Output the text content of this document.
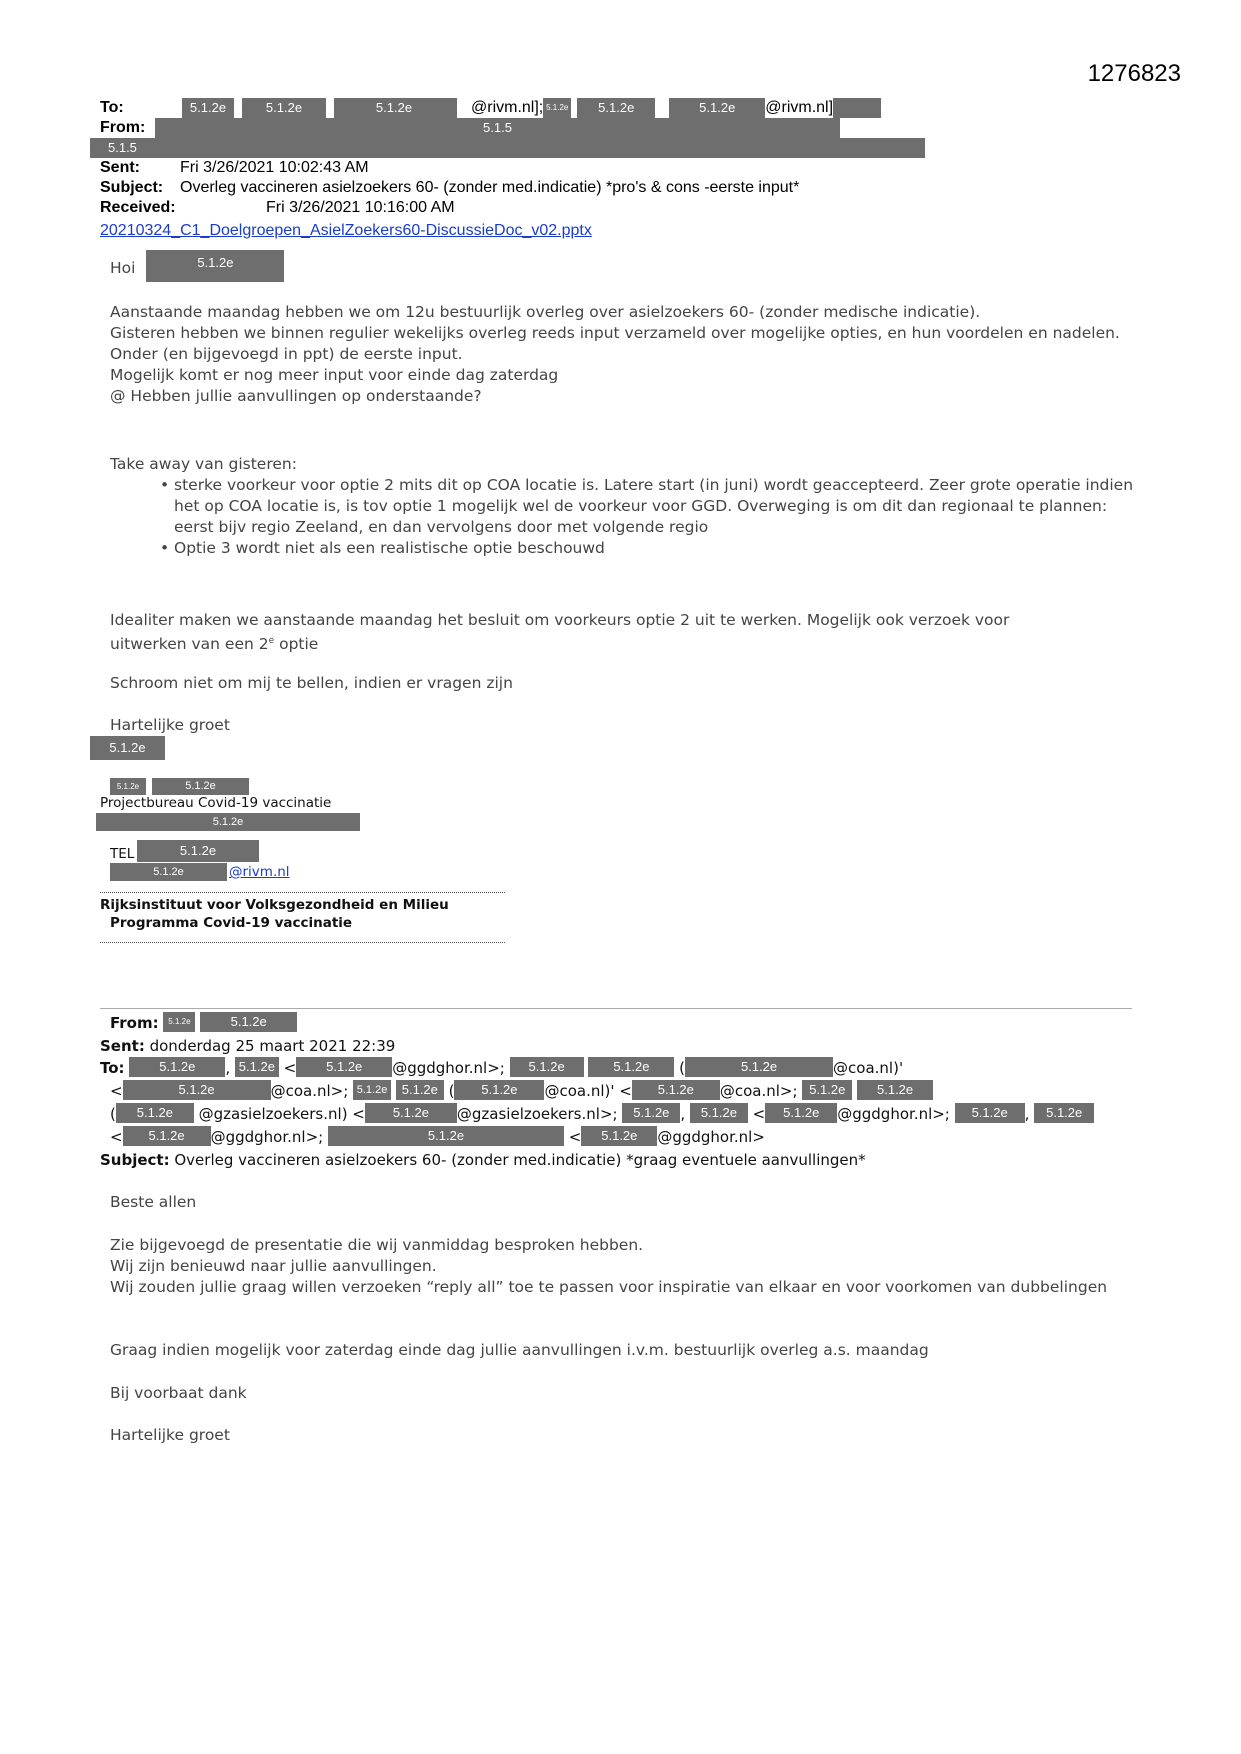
1276823
To:	5.1.2e	5.1.2e	5.1.2e	@rivm.nl]; 5.1.2e 5.1.2e	5.1.2e @rivm.nl]
From:	5.1.5
5.1.5
Sent:	Fri 3/26/2021 10:02:43 AM
Subject: Overleg vaccineren asielzoekers 60- (zonder med.indicatie) *pro's & cons -eerste input*
Received:	Fri 3/26/2021 10:16:00 AM
20210324_C1_Doelgroepen_AsielZoekers60-DiscussieDoc_v02.pptx
Hoi	5.1.2e

Aanstaande maandag hebben we om 12u bestuurlijk overleg over asielzoekers 60- (zonder medische indicatie).

Gisteren hebben we binnen regulier wekelijks overleg reeds input verzameld over mogelijke opties, en hun voordelen en nadelen.

Onder (en bijgevoegd in ppt) de eerste input.

Mogelijk komt er nog meer input voor einde dag zaterdag

@ Hebben jullie aanvullingen op onderstaande?

Take away van gisteren:

• sterke voorkeur voor optie 2 mits dit op COA locatie is. Latere start (in juni) wordt geaccepteerd. Zeer grote operatie indien het op COA locatie is, is tov optie 1 mogelijk wel de voorkeur voor GGD. Overweging is om dit dan regionaal te plannen: eerst bijv regio Zeeland, en dan vervolgens door met volgende regio
• Optie 3 wordt niet als een realistische optie beschouwd

Idealiter maken we aanstaande maandag het besluit om voorkeurs optie 2 uit te werken. Mogelijk ook verzoek voor

uitwerken van een 2e optie

Schroom niet om mij te bellen, indien er vragen zijn
Hartelijke groet
5.1.2e
5.1.2e	5.1.2e
Projectbureau Covid-19 vaccinatie
5.1.2e
TEL	5.1.2e
5.1.2e	@rivm.nl
Rijksinstituut voor Volksgezondheid en Milieu
Programma Covid-19 vaccinatie
From: 5.1.2e	5.1.2e
Sent: donderdag 25 maart 2021 22:39
To:	5.1.2e , 5.1.2e < 5.1.2e @ggdghor.nl>; 5.1.2e	5.1.2e (	5.1.2e	@coa.nl)'
<	5.1.2e	@coa.nl>; 5.1.2e 5.1.2e ( 5.1.2e @coa.nl)' < 5.1.2e @coa.nl>; 5.1.2e 5.1.2e
( 5.1.2e @gzasielzoekers.nl) < 5.1.2e @gzasielzoekers.nl>; 5.1.2e , 5.1.2e < 5.1.2e @ggdghor.nl>; 5.1.2e , 5.1.2e
< 5.1.2e @ggdghor.nl>;	5.1.2e	< 5.1.2e @ggdghor.nl>
Subject: Overleg vaccineren asielzoekers 60- (zonder med.indicatie) *graag eventuele aanvullingen*
Beste allen

Zie bijgevoegd de presentatie die wij vanmiddag besproken hebben.

Wij zijn benieuwd naar jullie aanvullingen.

Wij zouden jullie graag willen verzoeken “reply all” toe te passen voor inspiratie van elkaar en voor voorkomen van dubbelingen

Graag indien mogelijk voor zaterdag einde dag jullie aanvullingen i.v.m. bestuurlijk overleg a.s. maandag
Bij voorbaat dank
Hartelijke groet
